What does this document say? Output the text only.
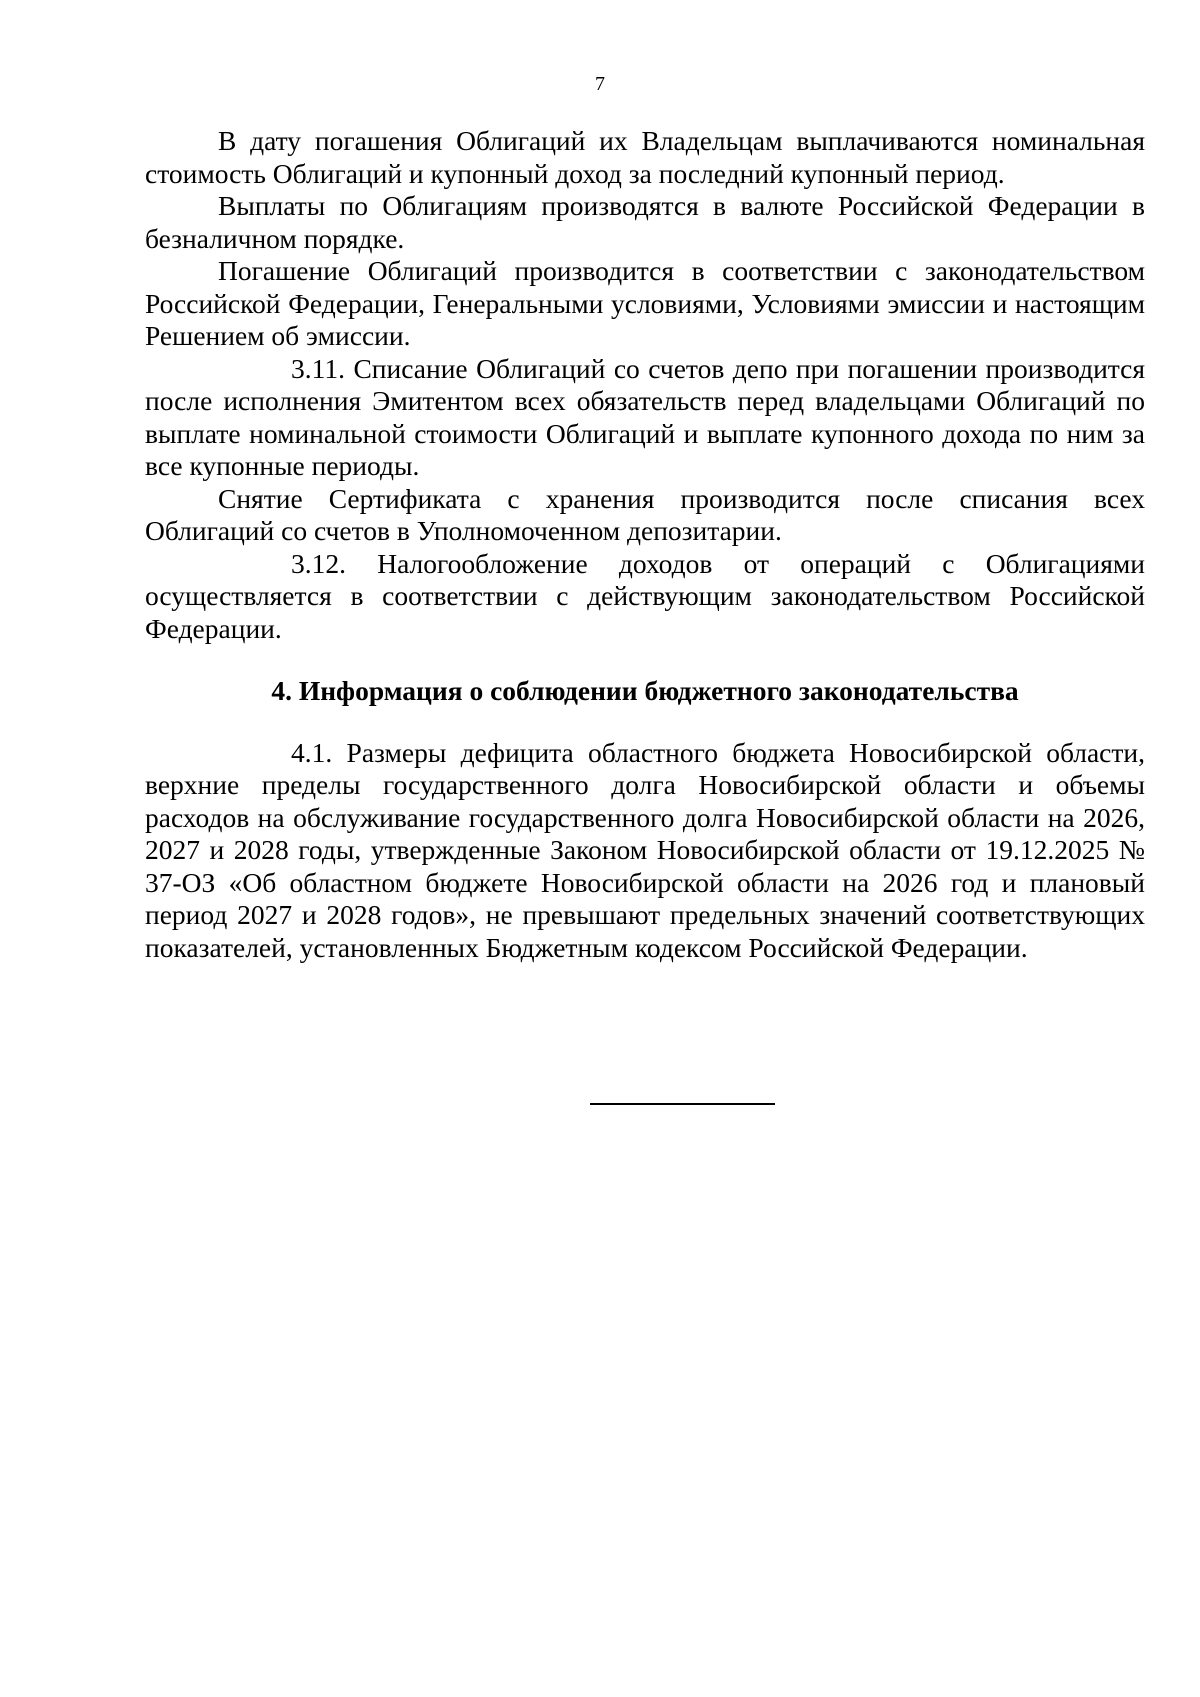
7

В дату погашения Облигаций их Владельцам выплачиваются номинальная стоимость Облигаций и купонный доход за последний купонный период.

Выплаты по Облигациям производятся в валюте Российской Федерации в безналичном порядке.

Погашение Облигаций производится в соответствии с законодательством Российской Федерации, Генеральными условиями, Условиями эмиссии и настоящим Решением об эмиссии.

3.11. Списание Облигаций со счетов депо при погашении производится после исполнения Эмитентом всех обязательств перед владельцами Облигаций по выплате номинальной стоимости Облигаций и выплате купонного дохода по ним за все купонные периоды.

Снятие Сертификата с хранения производится после списания всех Облигаций со счетов в Уполномоченном депозитарии.

3.12. Налогообложение доходов от операций с Облигациями осуществляется в соответствии с действующим законодательством Российской Федерации.

4. Информация о соблюдении бюджетного законодательства

4.1. Размеры дефицита областного бюджета Новосибирской области, верхние пределы государственного долга Новосибирской области и объемы расходов на обслуживание государственного долга Новосибирской области на 2026, 2027 и 2028 годы, утвержденные Законом Новосибирской области от 19.12.2025 № 37-ОЗ «Об областном бюджете Новосибирской области на 2026 год и плановый период 2027 и 2028 годов», не превышают предельных значений соответствующих показателей, установленных Бюджетным кодексом Российской Федерации.
